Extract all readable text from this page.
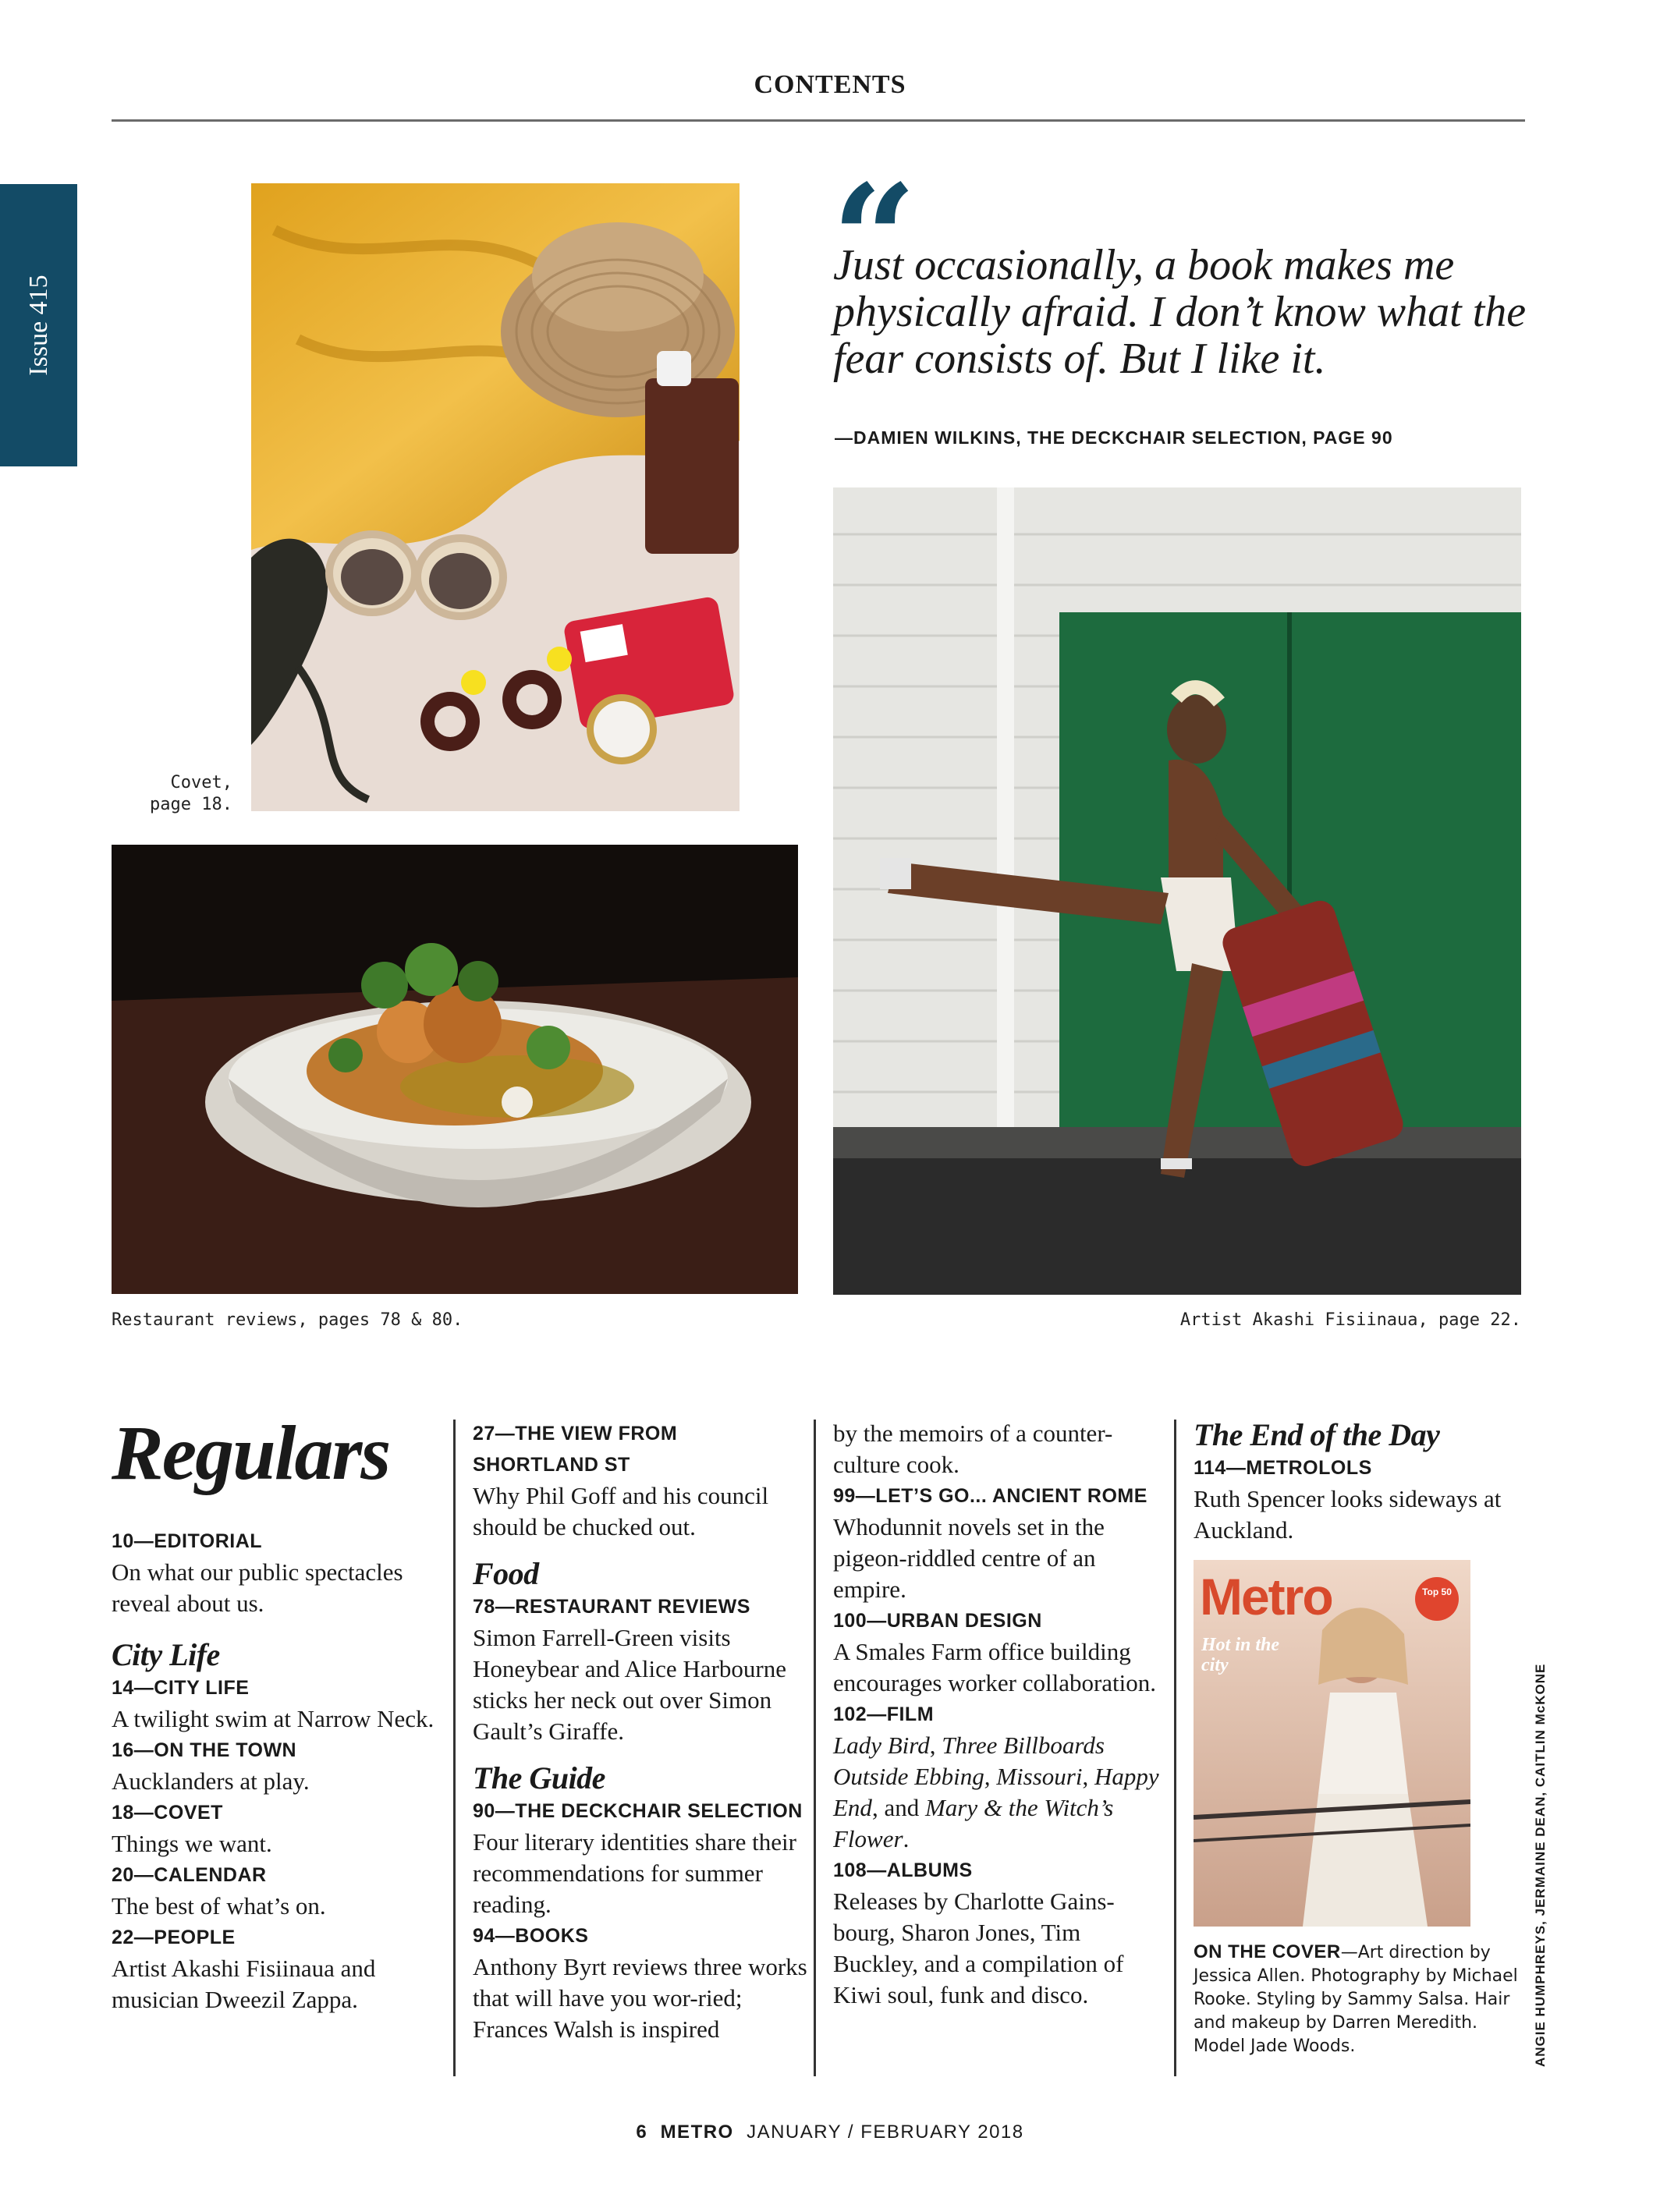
CONTENTS
Issue 415
Covet, page 18.
Restaurant reviews, pages 78 & 80.
“
Just occasionally, a book makes me physically afraid. I don’t know what the fear consists of. But I like it.
—DAMIEN WILKINS, THE DECKCHAIR SELECTION, PAGE 90
Artist Akashi Fisiinaua, page 22.
Regulars
10—EDITORIAL
On what our public spectacles reveal about us.
City Life
14—CITY LIFE
A twilight swim at Narrow Neck.
16—ON THE TOWN
Aucklanders at play.
18—COVET
Things we want.
20—CALENDAR
The best of what’s on.
22—PEOPLE
Artist Akashi Fisiinaua and musician Dweezil Zappa.
27—THE VIEW FROM SHORTLAND ST
Why Phil Goff and his council should be chucked out.
Food
78—RESTAURANT REVIEWS
Simon Farrell-Green visits Honeybear and Alice Harbourne sticks her neck out over Simon Gault’s Giraffe.
The Guide
90—THE DECKCHAIR SELECTION
Four literary identities share their recommendations for summer reading.
94—BOOKS
Anthony Byrt reviews three works that will have you wor-ried; Frances Walsh is inspired
by the memoirs of a counter-culture cook.
99—LET’S GO... ANCIENT ROME
Whodunnit novels set in the pigeon-riddled centre of an empire.
100—URBAN DESIGN
A Smales Farm office building encourages worker collaboration.
102—FILM
Lady Bird, Three Billboards Outside Ebbing, Missouri, Happy End, and Mary & the Witch’s Flower.
108—ALBUMS
Releases by Charlotte Gains-bourg, Sharon Jones, Tim Buckley, and a compilation of Kiwi soul, funk and disco.
The End of the Day
114—METROLOLS
Ruth Spencer looks sideways at Auckland.
Metro
Hot in the city
Top 50
ON THE COVER—Art direction by Jessica Allen. Photography by Michael Rooke. Styling by Sammy Salsa. Hair and makeup by Darren Meredith. Model Jade Woods.	ANGIE HUMPHREYS, JERMAINE DEAN, CAITLIN McKONE
6 METRO JANUARY / FEBRUARY 2018
